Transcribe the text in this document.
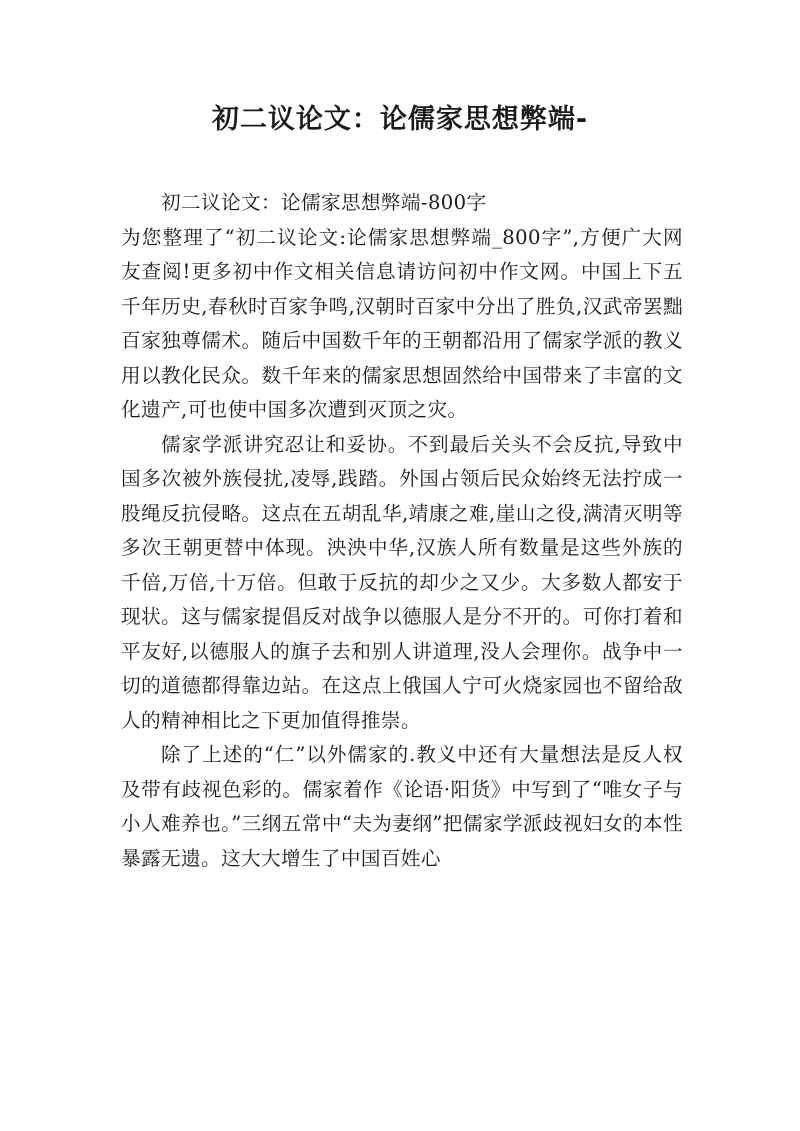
初二议论文：论儒家思想弊端-

初二议论文：论儒家思想弊端-800字

为您整理了“初二议论文:论儒家思想弊端_800字”,方便广大网友查阅!更多初中作文相关信息请访问初中作文网。中国上下五千年历史,春秋时百家争鸣,汉朝时百家中分出了胜负,汉武帝罢黜百家独尊儒术。随后中国数千年的王朝都沿用了儒家学派的教义用以教化民众。数千年来的儒家思想固然给中国带来了丰富的文化遗产,可也使中国多次遭到灭顶之灾。

儒家学派讲究忍让和妥协。不到最后关头不会反抗,导致中国多次被外族侵扰,凌辱,践踏。外国占领后民众始终无法拧成一股绳反抗侵略。这点在五胡乱华,靖康之难,崖山之役,满清灭明等多次王朝更替中体现。泱泱中华,汉族人所有数量是这些外族的千倍,万倍,十万倍。但敢于反抗的却少之又少。大多数人都安于现状。这与儒家提倡反对战争以德服人是分不开的。可你打着和平友好,以德服人的旗子去和别人讲道理,没人会理你。战争中一切的道德都得靠边站。在这点上俄国人宁可火烧家园也不留给敌人的精神相比之下更加值得推崇。

除了上述的“仁”以外儒家的.教义中还有大量想法是反人权及带有歧视色彩的。儒家着作《论语·阳货》中写到了“唯女子与小人难养也。”三纲五常中“夫为妻纲”把儒家学派歧视妇女的本性暴露无遗。这大大增生了中国百姓心
